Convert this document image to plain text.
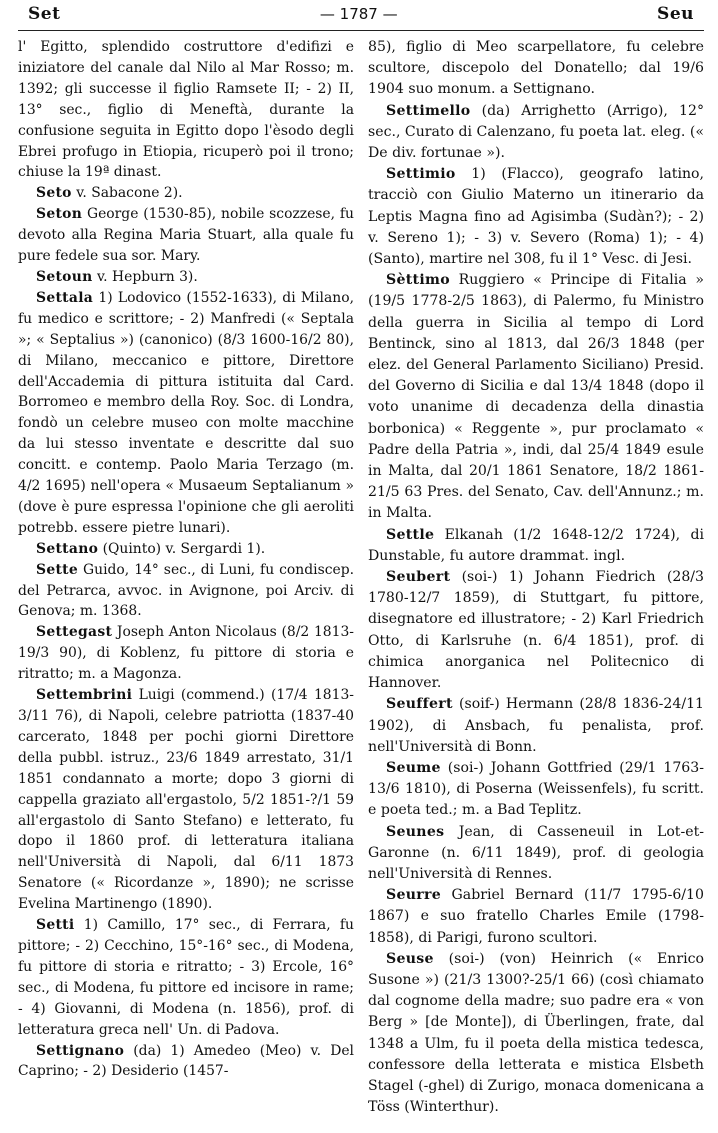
Set	— 1787 —	Seu

l' Egitto, splendido costruttore d'edifizi e iniziatore del canale dal Nilo al Mar Rosso; m. 1392; gli successe il figlio Ramsete II; - 2) II, 13° sec., figlio di Meneftà, durante la confusione seguita in Egitto dopo l'èsodo degli Ebrei profugo in Etiopia, ricuperò poi il trono; chiuse la 19ª dinast.

Seto v. Sabacone 2).

Seton George (1530-85), nobile scozzese, fu devoto alla Regina Maria Stuart, alla quale fu pure fedele sua sor. Mary.

Setoun v. Hepburn 3).

Settala 1) Lodovico (1552-1633), di Milano, fu medico e scrittore; - 2) Manfredi (« Septala »; « Septalius ») (canonico) (8/3 1600-16/2 80), di Milano, meccanico e pittore, Direttore dell'Accademia di pittura istituita dal Card. Borromeo e membro della Roy. Soc. di Londra, fondò un celebre museo con molte macchine da lui stesso inventate e descritte dal suo concitt. e contemp. Paolo Maria Terzago (m. 4/2 1695) nell'opera « Musaeum Septalianum » (dove è pure espressa l'opinione che gli aeroliti potrebb. essere pietre lunari).

Settano (Quinto) v. Sergardi 1).

Sette Guido, 14° sec., di Luni, fu condiscep. del Petrarca, avvoc. in Avignone, poi Arciv. di Genova; m. 1368.

Settegast Joseph Anton Nicolaus (8/2 1813-19/3 90), di Koblenz, fu pittore di storia e ritratto; m. a Magonza.

Settembrini Luigi (commend.) (17/4 1813-3/11 76), di Napoli, celebre patriotta (1837-40 carcerato, 1848 per pochi giorni Direttore della pubbl. istruz., 23/6 1849 arrestato, 31/1 1851 condannato a morte; dopo 3 giorni di cappella graziato all'ergastolo, 5/2 1851-?/1 59 all'ergastolo di Santo Stefano) e letterato, fu dopo il 1860 prof. di letteratura italiana nell'Università di Napoli, dal 6/11 1873 Senatore (« Ricordanze », 1890); ne scrisse Evelina Martinengo (1890).

Setti 1) Camillo, 17° sec., di Ferrara, fu pittore; - 2) Cecchino, 15°-16° sec., di Modena, fu pittore di storia e ritratto; - 3) Ercole, 16° sec., di Modena, fu pittore ed incisore in rame; - 4) Giovanni, di Modena (n. 1856), prof. di letteratura greca nell' Un. di Padova.

Settignano (da) 1) Amedeo (Meo) v. Del Caprino; - 2) Desiderio (1457-

85), figlio di Meo scarpellatore, fu celebre scultore, discepolo del Donatello; dal 19/6 1904 suo monum. a Settignano.

Settimello (da) Arrighetto (Arrigo), 12° sec., Curato di Calenzano, fu poeta lat. eleg. (« De div. fortunae »).

Settimio 1) (Flacco), geografo latino, tracciò con Giulio Materno un itinerario da Leptis Magna fino ad Agisimba (Sudàn?); - 2) v. Sereno 1); - 3) v. Severo (Roma) 1); - 4) (Santo), martire nel 308, fu il 1° Vesc. di Jesi.

Sèttimo Ruggiero « Principe di Fitalia » (19/5 1778-2/5 1863), di Palermo, fu Ministro della guerra in Sicilia al tempo di Lord Bentinck, sino al 1813, dal 26/3 1848 (per elez. del General Parlamento Siciliano) Presid. del Governo di Sicilia e dal 13/4 1848 (dopo il voto unanime di decadenza della dinastia borbonica) « Reggente », pur proclamato « Padre della Patria », indi, dal 25/4 1849 esule in Malta, dal 20/1 1861 Senatore, 18/2 1861-21/5 63 Pres. del Senato, Cav. dell'Annunz.; m. in Malta.

Settle Elkanah (1/2 1648-12/2 1724), di Dunstable, fu autore drammat. ingl.

Seubert (soi-) 1) Johann Fiedrich (28/3 1780-12/7 1859), di Stuttgart, fu pittore, disegnatore ed illustratore; - 2) Karl Friedrich Otto, di Karlsruhe (n. 6/4 1851), prof. di chimica anorganica nel Politecnico di Hannover.

Seuffert (soif-) Hermann (28/8 1836-24/11 1902), di Ansbach, fu penalista, prof. nell'Università di Bonn.

Seume (soi-) Johann Gottfried (29/1 1763-13/6 1810), di Poserna (Weissenfels), fu scritt. e poeta ted.; m. a Bad Teplitz.

Seunes Jean, di Casseneuil in Lot-et-Garonne (n. 6/11 1849), prof. di geologia nell'Università di Rennes.

Seurre Gabriel Bernard (11/7 1795-6/10 1867) e suo fratello Charles Emile (1798-1858), di Parigi, furono scultori.

Seuse (soi-) (von) Heinrich (« Enrico Susone ») (21/3 1300?-25/1 66) (così chiamato dal cognome della madre; suo padre era « von Berg » [de Monte]), di Überlingen, frate, dal 1348 a Ulm, fu il poeta della mistica tedesca, confessore della letterata e mistica Elsbeth Stagel (-ghel) di Zurigo, monaca domenicana a Töss (Winterthur).
